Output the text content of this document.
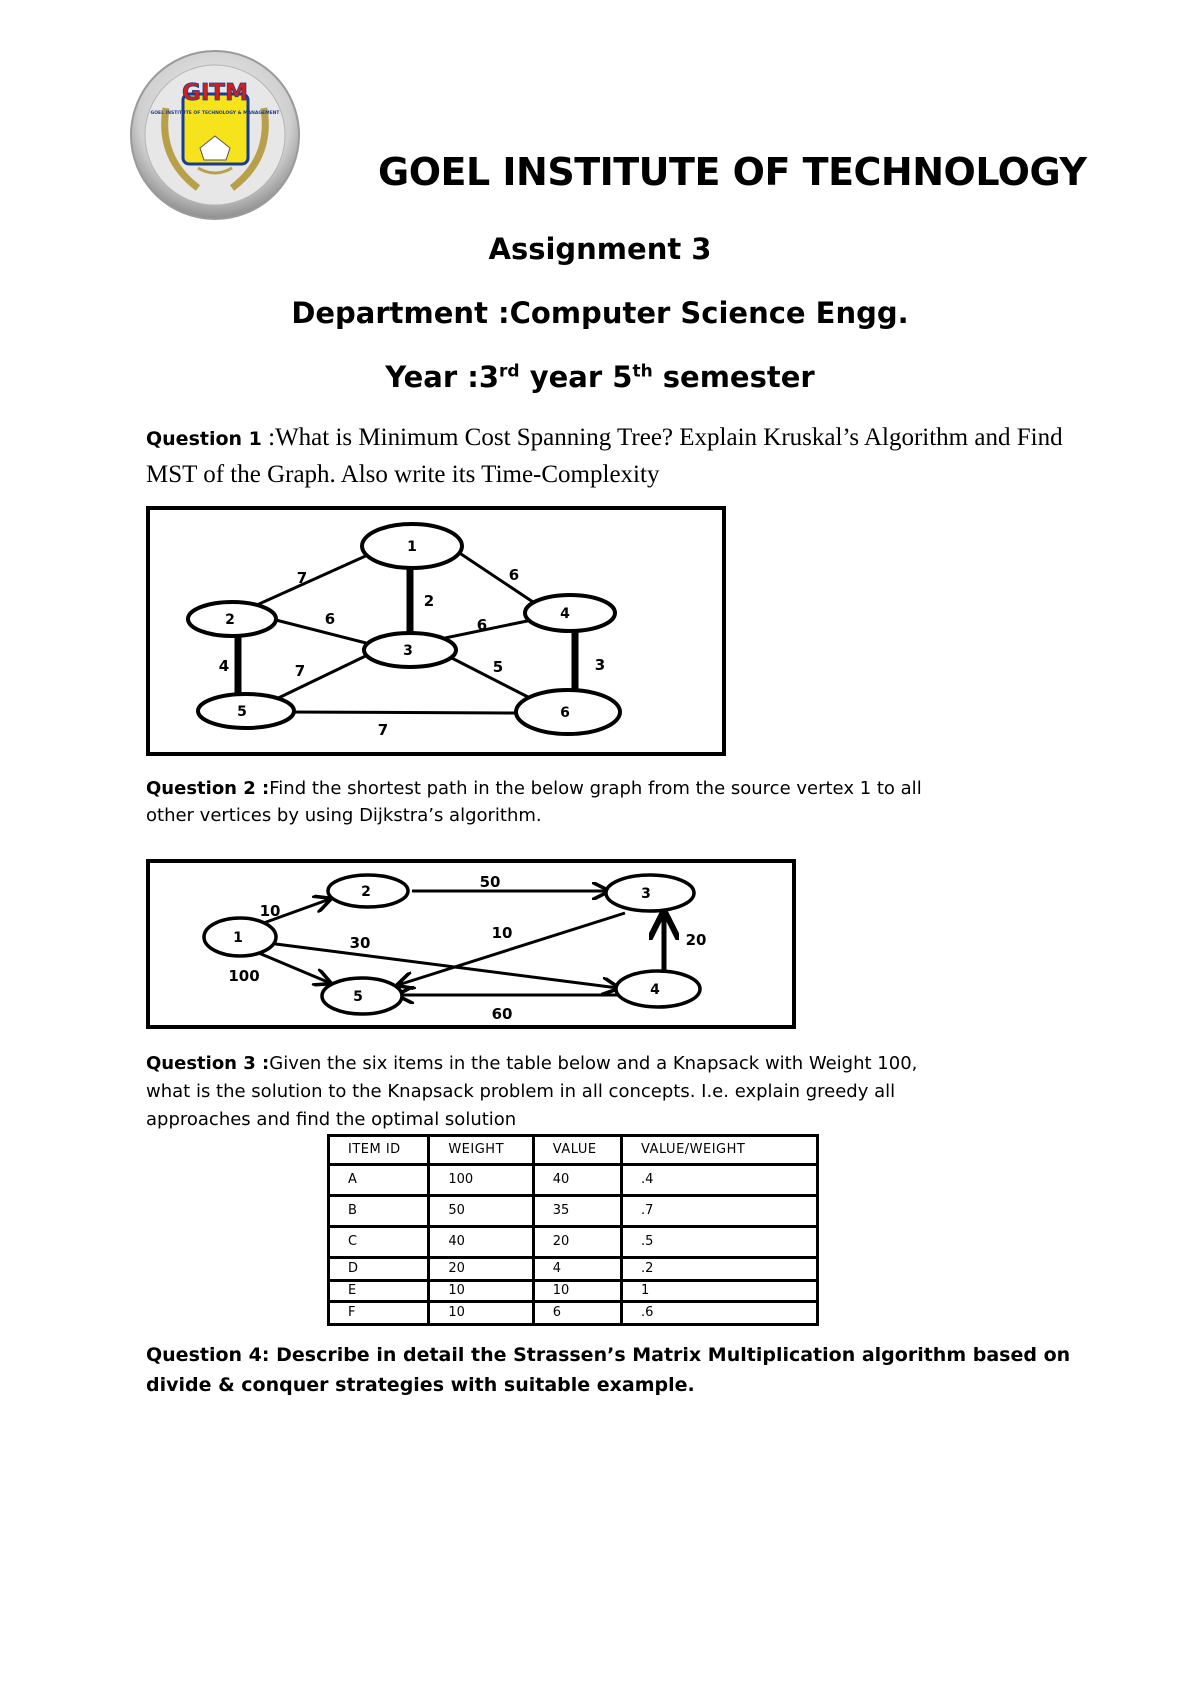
GITM
GOEL INSTITUTE OF TECHNOLOGY & MANAGEMENT
GOEL INSTITUTE OF TECHNOLOGY
Assignment 3
Department :Computer Science Engg.
Year :3rd year 5th semester
Question 1 :What is Minimum Cost Spanning Tree? Explain Kruskal’s Algorithm and Find MST of the Graph. Also write its Time-Complexity
1
2
3
4
5	6
7
2
6
6	6
4	7	5	3
7
Question 2 :Find the shortest path in the below graph from the source vertex 1 to all other vertices by using Dijkstra’s algorithm.
1
2	3
4
5
10
50
30
100
10	20
60
Question 3 :Given the six items in the table below and a Knapsack with Weight 100, what is the solution to the Knapsack problem in all concepts. I.e. explain greedy all approaches and find the optimal solution
ITEM ID	WEIGHT	VALUE	VALUE/WEIGHT
A	100	40	.4
B	50	35	.7
C	40	20	.5
D	20	4	.2
E	10	10	1
F	10	6	.6
Question 4: Describe in detail the Strassen’s Matrix Multiplication algorithm based on divide & conquer strategies with suitable example.
